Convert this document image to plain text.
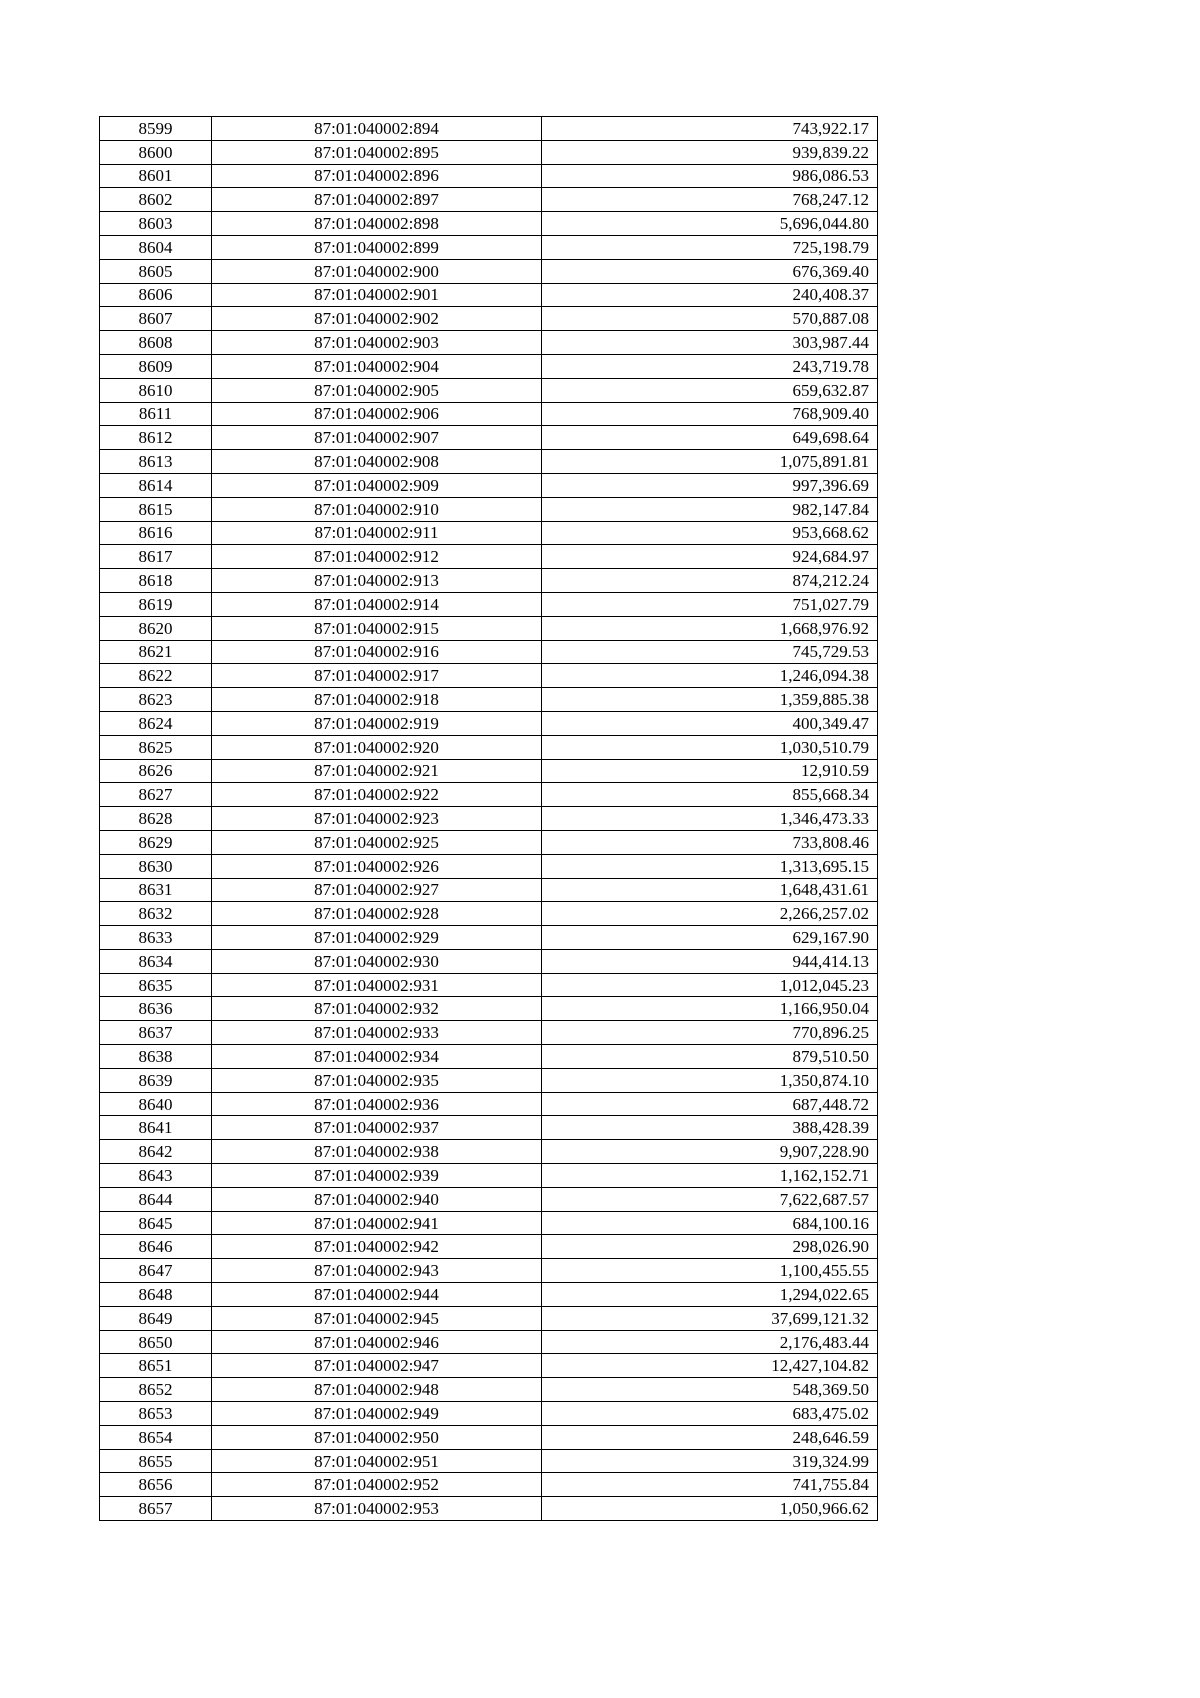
8599	87:01:040002:894	743,922.17
8600	87:01:040002:895	939,839.22
8601	87:01:040002:896	986,086.53
8602	87:01:040002:897	768,247.12
8603	87:01:040002:898	5,696,044.80
8604	87:01:040002:899	725,198.79
8605	87:01:040002:900	676,369.40
8606	87:01:040002:901	240,408.37
8607	87:01:040002:902	570,887.08
8608	87:01:040002:903	303,987.44
8609	87:01:040002:904	243,719.78
8610	87:01:040002:905	659,632.87
8611	87:01:040002:906	768,909.40
8612	87:01:040002:907	649,698.64
8613	87:01:040002:908	1,075,891.81
8614	87:01:040002:909	997,396.69
8615	87:01:040002:910	982,147.84
8616	87:01:040002:911	953,668.62
8617	87:01:040002:912	924,684.97
8618	87:01:040002:913	874,212.24
8619	87:01:040002:914	751,027.79
8620	87:01:040002:915	1,668,976.92
8621	87:01:040002:916	745,729.53
8622	87:01:040002:917	1,246,094.38
8623	87:01:040002:918	1,359,885.38
8624	87:01:040002:919	400,349.47
8625	87:01:040002:920	1,030,510.79
8626	87:01:040002:921	12,910.59
8627	87:01:040002:922	855,668.34
8628	87:01:040002:923	1,346,473.33
8629	87:01:040002:925	733,808.46
8630	87:01:040002:926	1,313,695.15
8631	87:01:040002:927	1,648,431.61
8632	87:01:040002:928	2,266,257.02
8633	87:01:040002:929	629,167.90
8634	87:01:040002:930	944,414.13
8635	87:01:040002:931	1,012,045.23
8636	87:01:040002:932	1,166,950.04
8637	87:01:040002:933	770,896.25
8638	87:01:040002:934	879,510.50
8639	87:01:040002:935	1,350,874.10
8640	87:01:040002:936	687,448.72
8641	87:01:040002:937	388,428.39
8642	87:01:040002:938	9,907,228.90
8643	87:01:040002:939	1,162,152.71
8644	87:01:040002:940	7,622,687.57
8645	87:01:040002:941	684,100.16
8646	87:01:040002:942	298,026.90
8647	87:01:040002:943	1,100,455.55
8648	87:01:040002:944	1,294,022.65
8649	87:01:040002:945	37,699,121.32
8650	87:01:040002:946	2,176,483.44
8651	87:01:040002:947	12,427,104.82
8652	87:01:040002:948	548,369.50
8653	87:01:040002:949	683,475.02
8654	87:01:040002:950	248,646.59
8655	87:01:040002:951	319,324.99
8656	87:01:040002:952	741,755.84
8657	87:01:040002:953	1,050,966.62
